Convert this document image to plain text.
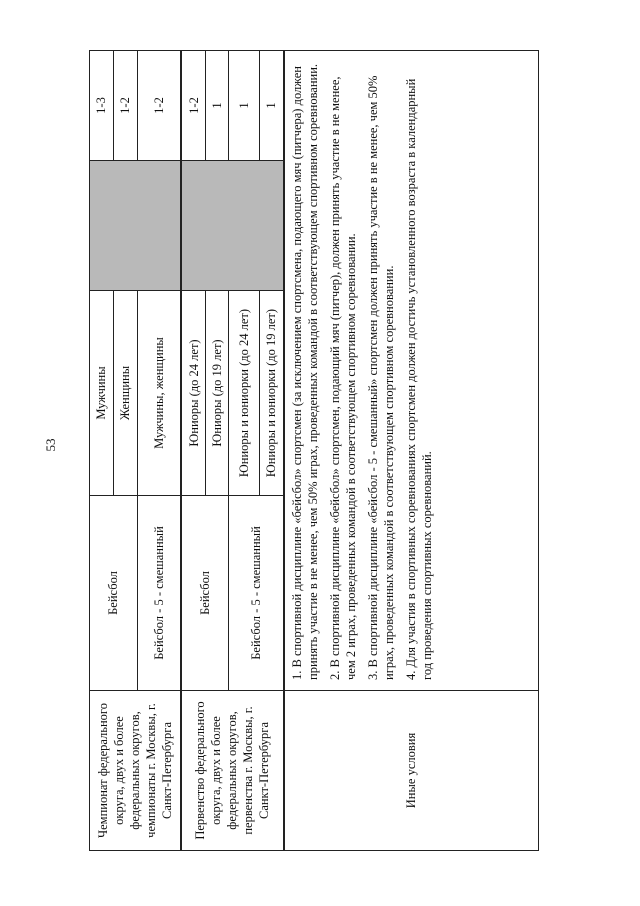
53
Чемпионат федерального округа, двух и более федеральных округов, чемпионаты г. Москвы, г. Санкт-Петербурга	Бейсбол	Мужчины		1-3
		Женщины		1-2
	Бейсбол - 5 - смешанный	Мужчины, женщины		1-2
Первенство федерального округа, двух и более федеральных округов, первенства г. Москвы, г. Санкт-Петербурга	Бейсбол	Юниоры (до 24 лет)		1-2
		Юниоры (до 19 лет)		1
	Бейсбол - 5 - смешанный	Юниоры и юниорки (до 24 лет)		1
		Юниоры и юниорки (до 19 лет)		1
Иные условия	1. В спортивной дисциплине «бейсбол» спортсмен (за исключением спортсмена, подающего мяч (питчера) должен принять участие в не менее, чем 50% игрaх, проведенных командой в соответствующем спортивном соревновании. 2. В спортивной дисциплине «бейсбол» спортсмен, подающий мяч (питчер), должен принять участие в не менее, чем 2 играх, проведенных командой в соответствующем спортивном соревновании. 3. В спортивной дисциплине «бейсбол - 5 - смешанный» спортсмен должен принять участие в не менее, чем 50% играх, проведенных командой в соответствующем спортивном соревновании. 4. Для участия в спортивных соревнованиях спортсмен должен достичь установленного возраста в календарный год проведения спортивных соревнований.			
